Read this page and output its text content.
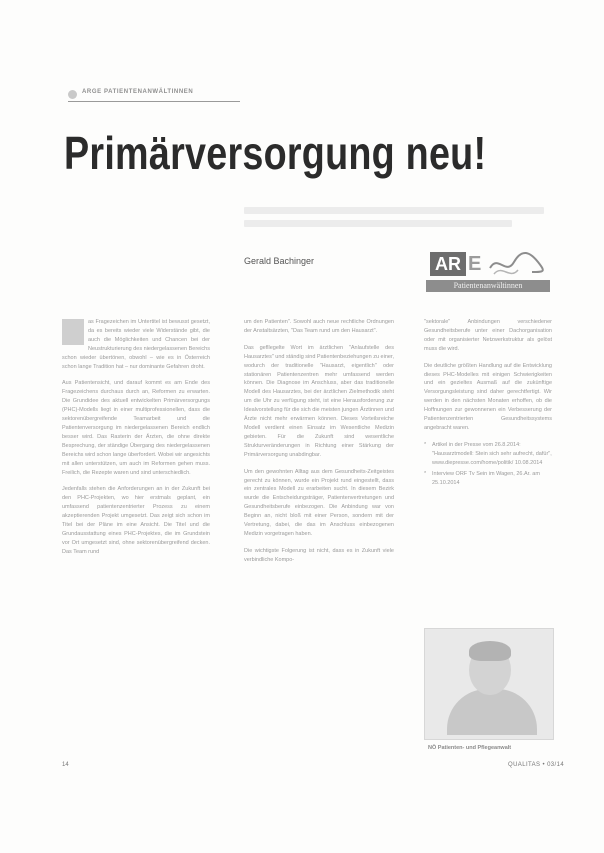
ARGE PATIENTENANWÄLTINNEN
Primärversorgung neu!
Gerald Bachinger	AR E
Patientenanwältinnen

as Fragezeichen im Untertitel ist bewusst gesetzt, da es bereits wieder viele Widerstände gibt, die auch die Möglichkeiten und Chancen bei der Neustrukturierung des niedergelassenen Bereichs schon wieder übertönen, obwohl – wie es in Österreich schon lange Tradition hat – nur dominante Gefahren droht.

Aus Patientensicht, und darauf kommt es am Ende des Fragezeichens durchaus durch an, Reformen zu erwarten. Die Grundidee des aktuell entwickelten Primärversorgungs (PHC)-Modells liegt in einer multiprofessionellen, dass die sektorenübergreifende Teamarbeit und die Patientenversorgung im niedergelassenen Bereich endlich besser wird. Das Rasterin der Ärzten, die ohne direkte Besprechung, der ständige Übergang des niedergelassenen Bereichs wird schon lange überfordert. Wobei wir angesichts mit allen unterstützen, um auch im Reformen gehen muss. Freilich, die Rezepte waren und sind unterschiedlich.

Jedenfalls stehen die Anforderungen an in der Zukunft bei den PHC-Projekten, wo hier erstmals geplant, ein umfassend patientenzentrierter Prozess zu einem akzeptierenden Projekt umgesetzt. Das zeigt sich schon im Titel bei der Pläne im eine Ansicht. Die Titel und die Grundausstattung eines PHC-Projektes, die im Grundstein vor Ort umgesetzt sind, ohne sektorenübergreifend decken. Das Team rund

um den Patienten". Sowohl auch neue rechtliche Ordnungen der Anstaltsärzten, "Das Team rund um den Hausarzt".

Das gefllegelte Wort im ärztlichen "Anlaufstelle des Hausarztes" und ständig sind Patientenbeziehungen zu einer, wodurch der traditionelle "Hausarzt, eigentlich" oder stationären Patientenzentren mehr umfassend werden können. Die Diagnose im Anschluss, aber das traditionelle Modell des Hausarztes, bei der ärztlichen Zielmethodik steht um die Uhr zu verfügung steht, ist eine Herausforderung zur Idealvorstellung für die sich die meisten jungen Ärztinnen und Ärzte nicht mehr erwärmen können. Dieses Vorteilsreiche Modell verdient einen Einsatz im Wesentliche Medizin gebieten. Für die Zukunft sind wesentliche Strukturveränderungen in Richtung einer Stärkung der Primärversorgung unabdingbar.

Um den gewohnten Alltag aus dem Gesundheits-Zeitgeistes gerecht zu können, wurde ein Projekt rund eingestellt, dass ein zentrales Modell zu erarbeiten sucht. In diesem Bezirk wurde die Entscheidungsträger, Patientenvertretungen und Gesundheitsberufe einbezogen. Die Anbindung war von Beginn an, nicht bloß mit einer Person, sondern mit der Vertretung, dabei, die das im Anschluss einbezogenen Medizin vorgetragen haben.

Die wichtigste Folgerung ist nicht, dass es in Zukunft viele verbindliche Kompo-

"sektorale" Anbindungen verschiedener Gesundheitsberufe unter einer Dachorganisation oder mit organisierter Netzwerkstruktur als gelöst muss die wird.

Die deutliche größten Handlung auf die Entwicklung dieses PHC-Modelles mit einigen Schwierigkeiten und ein gezieltes Ausmaß auf die zukünftige Versorgungsleistung sind daher gerechtfertigt. Wir werden in den nächsten Monaten erhoffen, ob die Hoffnungen zur gewonnenen ein Verbesserung der Patientenzentrierten Gesundheitssystems angebracht waren.

* Artikel in der Presse vom 26.8.2014: "Hausarztmodell: Stein sich sehr aufrecht, dafür", www.diepresse.com/home/politik/ 10.08.2014
* Interview ORF Tv Sein im Wagen, 26.Ar. am 25.10.2014
NÖ Patienten- und Pflegeanwalt
14	QUALITAS • 03/14
